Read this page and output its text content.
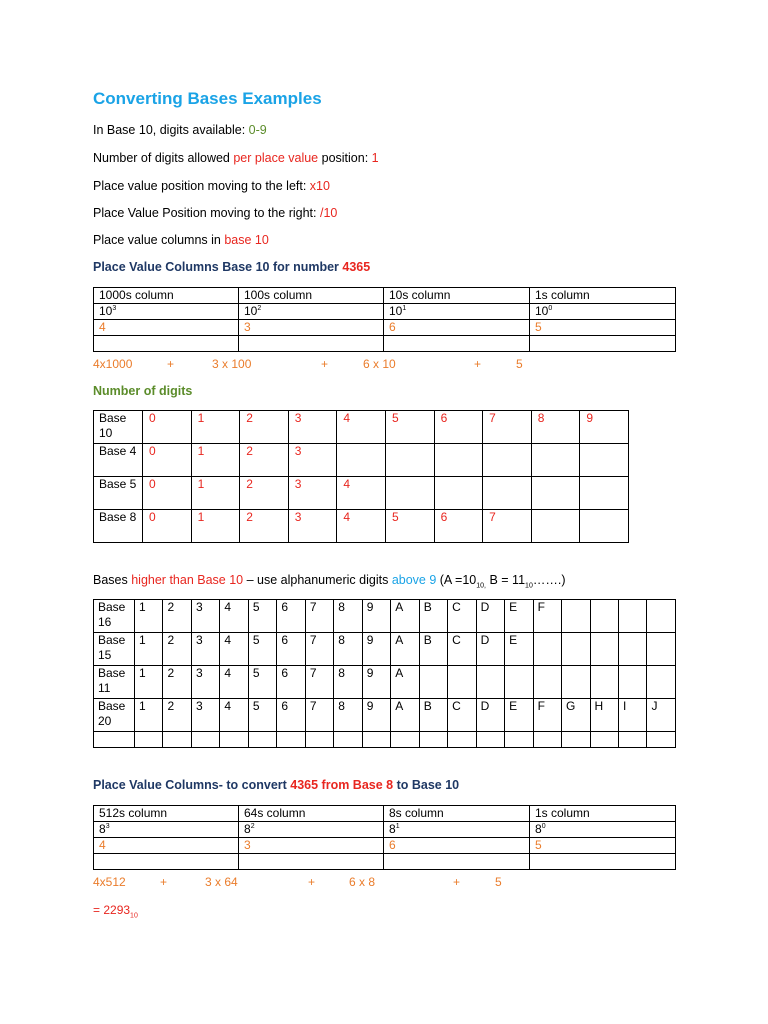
Converting Bases Examples

In Base 10, digits available: 0-9

Number of digits allowed per place value position: 1

Place value position moving to the left: x10

Place Value Position moving to the right: /10

Place value columns in base 10

Place Value Columns Base 10 for number 4365

1000s column	100s column	10s column	1s column
$10^3$	$10^2$	$10^1$	$10^0$
4	3	6	5

4x1000	+	3 x 100	+	6 x 10	+	5

Number of digits

Base 10	0	1	2	3	4	5	6	7	8	9
Base 4	0	1	2	3						
Base 5	0	1	2	3	4					
Base 8	0	1	2	3	4	5	6	7		

Bases higher than Base 10 – use alphanumeric digits above 9 ($A =10_{10,}$ $B = 11_{10}\dots\dots$.)

Base 16	1	2	3	4	5	6	7	8	9	A	B	C	D	E	F				
Base 15	1	2	3	4	5	6	7	8	9	A	B	C	D	E					
Base 11	1	2	3	4	5	6	7	8	9	A									
Base 20	1	2	3	4	5	6	7	8	9	A	B	C	D	E	F	G	H	I	J

Place Value Columns- to convert 4365 from Base 8 to Base 10

512s column	64s column	8s column	1s column
$8^3$	$8^2$	$8^1$	$8^0$
4	3	6	5

4x512	+	3 x 64	+	6 x 8	+	5

= $2293_{10}$
